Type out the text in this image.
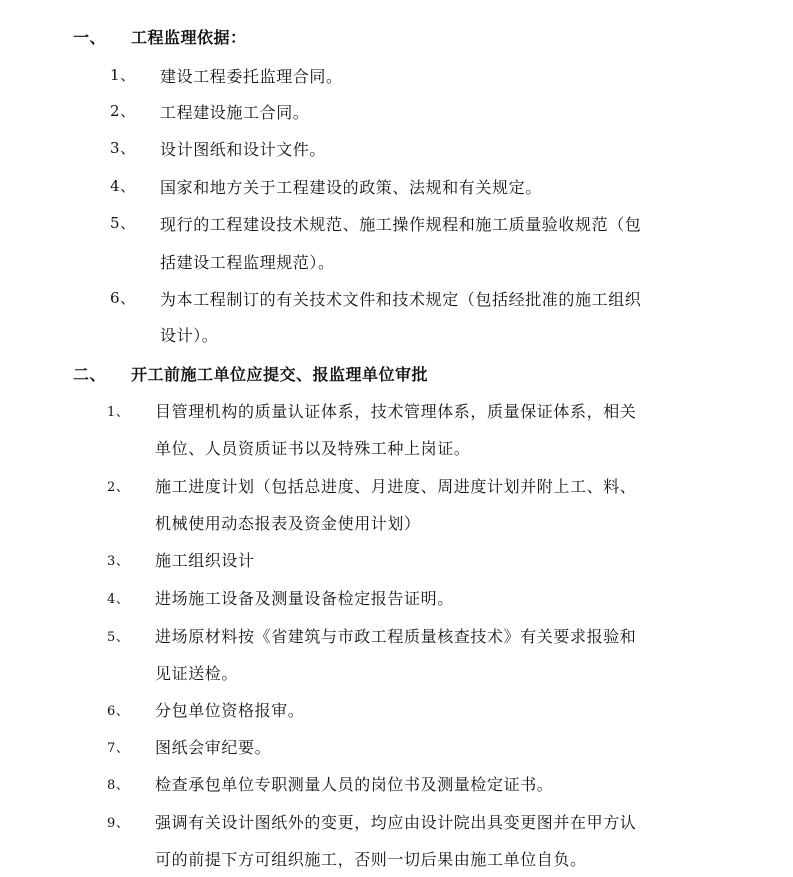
一、 工程监理依据：
1、 建设工程委托监理合同。
2、 工程建设施工合同。
3、 设计图纸和设计文件。
4、 国家和地方关于工程建设的政策、法规和有关规定。
5、 现行的工程建设技术规范、施工操作规程和施工质量验收规范（包
括建设工程监理规范）。
6、 为本工程制订的有关技术文件和技术规定（包括经批准的施工组织
设计）。
二、 开工前施工单位应提交、报监理单位审批
1、 目管理机构的质量认证体系，技术管理体系，质量保证体系，相关
单位、人员资质证书以及特殊工种上岗证。
2、 施工进度计划（包括总进度、月进度、周进度计划并附上工、料、
机械使用动态报表及资金使用计划）
3、 施工组织设计
4、 进场施工设备及测量设备检定报告证明。
5、 进场原材料按《省建筑与市政工程质量核查技术》有关要求报验和
见证送检。
6、 分包单位资格报审。
7、 图纸会审纪要。
8、 检查承包单位专职测量人员的岗位书及测量检定证书。
9、 强调有关设计图纸外的变更，均应由设计院出具变更图并在甲方认
可的前提下方可组织施工，否则一切后果由施工单位自负。
